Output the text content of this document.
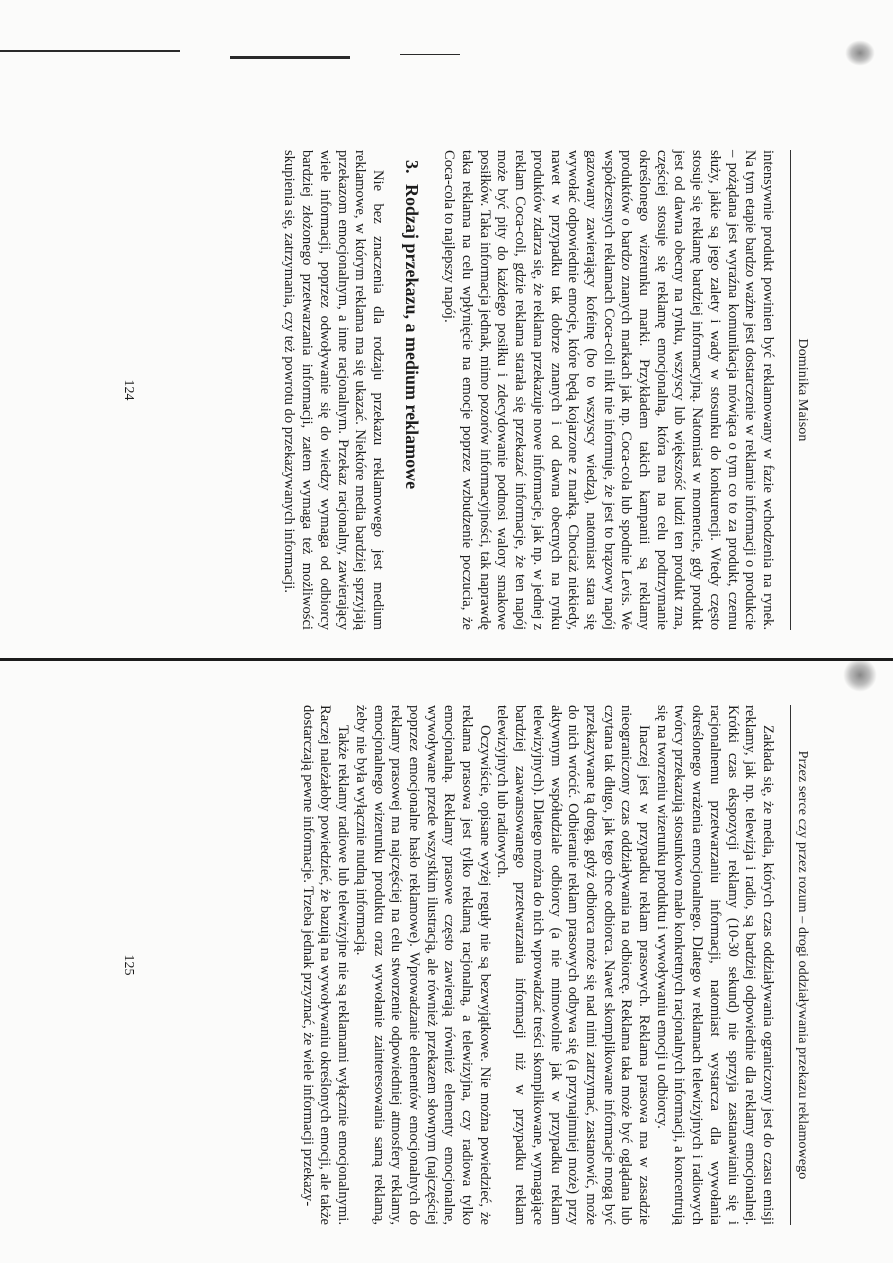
Dominika Maison

intensywnie produkt powinien być reklamowany w fazie wchodzenia na rynek. Na tym etapie bardzo ważne jest dostarczenie w reklamie informacji o produkcie – pożądana jest wyraźna komunikacja mówiąca o tym co to za produkt, czemu służy, jakie są jego zalety i wady w stosunku do konkurencji. Wtedy często stosuje się reklamę bardziej informacyjną. Natomiast w momencie, gdy produkt jest od dawna obecny na rynku, wszyscy lub większość ludzi ten produkt zna, częściej stosuje się reklamę emocjonalną, która ma na celu podtrzymanie określonego wizerunku marki. Przykładem takich kampanii są reklamy produktów o bardzo znanych markach jak np. Coca-cola lub spodnie Levis. We współczesnych reklamach Coca-coli nikt nie informuje, że jest to brązowy napój gazowany zawierający kofeinę (bo to wszyscy wiedzą), natomiast stara się wywołać odpowiednie emocje, które będą kojarzone z marką. Chociaż niekiedy, nawet w przypadku tak dobrze znanych i od dawna obecnych na rynku produktów zdarza się, że reklama przekazuje nowe informacje, jak np. w jednej z reklam Coca-coli, gdzie reklama starała się przekazać informacje, że ten napój może być pity do każdego posiłku i zdecydowanie podnosi walory smakowe posiłków. Taka informacja jednak, mimo pozorów informacyjności, tak naprawdę taka reklama na celu wpłynięcie na emocje poprzez wzbudzenie poczucia, że Coca-cola to najlepszy napój.

3. Rodzaj przekazu, a medium reklamowe

Nie bez znaczenia dla rodzaju przekazu reklamowego jest medium reklamowe, w którym reklama ma się ukazać. Niektóre media bardziej sprzyjają przekazom emocjonalnym, a inne racjonalnym. Przekaz racjonalny, zawierający wiele informacji, poprzez odwoływanie się do wiedzy wymaga od odbiorcy bardziej złożonego przetwarzania informacji, zatem wymaga też możliwości skupienia się, zatrzymania, czy też powrotu do przekazywanych informacji.

124
Przez serce czy przez rozum – drogi oddziaływania przekazu reklamowego

Zakłada się, że media, których czas oddziaływania ograniczony jest do czasu emisji reklamy, jak np. telewizja i radio, są bardziej odpowiednie dla reklamy emocjonalnej. Krótki czas ekspozycji reklamy (10-30 sekund) nie sprzyja zastanawianiu się i racjonalnemu przetwarzaniu informacji, natomiast wystarcza dla wywołania określonego wrażenia emocjonalnego. Dlatego w reklamach telewizyjnych i radiowych twórcy przekazują stosunkowo mało konkretnych racjonalnych informacji, a koncentrują się na tworzeniu wizerunku produktu i wywoływaniu emocji u odbiorcy.

Inaczej jest w przypadku reklam prasowych. Reklama prasowa ma w zasadzie nieograniczony czas oddziaływania na odbiorcę. Reklama taka może być oglądana lub czytana tak długo, jak tego chce odbiorca. Nawet skomplikowane informacje mogą być przekazywane tą drogą, gdyż odbiorca może się nad nimi zatrzymać, zastanowić, może do nich wrócić. Odbieranie reklam prasowych odbywa się (a przynajmniej może) przy aktywnym współudziale odbiorcy (a nie mimowolnie jak w przypadku reklam telewizyjnych). Dlatego można do nich wprowadzać treści skomplikowane, wymagające bardziej zaawansowanego przetwarzania informacji niż w przypadku reklam telewizyjnych lub radiowych.

Oczywiście, opisane wyżej reguły nie są bezwyjątkowe. Nie można powiedzieć, że reklama prasowa jest tylko reklamą racjonalną, a telewizyjna, czy radiowa tylko emocjonalną. Reklamy prasowe często zawierają również elementy emocjonalne, wywoływane przede wszystkim ilustracją, ale również przekazem słownym (najczęściej poprzez emocjonalne hasło reklamowe). Wprowadzanie elementów emocjonalnych do reklamy prasowej ma najczęściej na celu stworzenie odpowiedniej atmosfery reklamy, emocjonalnego wizerunku produktu oraz wywołanie zainteresowania samą reklamą, żeby nie była wyłącznie nudną informacją.

Także reklamy radiowe lub telewizyjne nie są reklamami wyłącznie emocjonalnymi. Raczej należałoby powiedzieć, że bazują na wywoływaniu określonych emocji, ale także dostarczają pewne informacje. Trzeba jednak przyznać, że wiele informacji przekazy-

125
